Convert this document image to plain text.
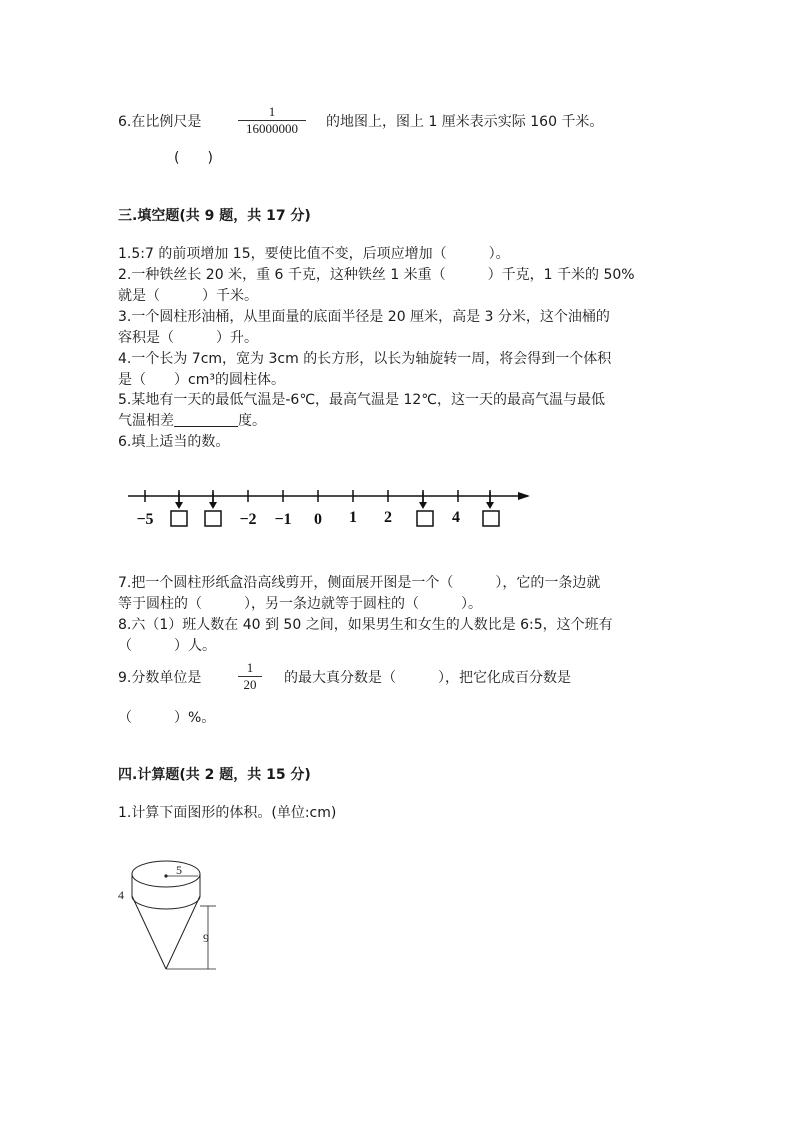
6.在比例尺是
1
16000000	的地图上，图上 1 厘米表示实际 160 千米。
(　　)
三.填空题(共 9 题，共 17 分)
1.5:7 的前项增加 15，要使比值不变，后项应增加（　　　）。
2.一种铁丝长 20 米，重 6 千克，这种铁丝 1 米重（　　　）千克，1 千米的 50%
就是（　　　）千米。
3.一个圆柱形油桶，从里面量的底面半径是 20 厘米，高是 3 分米，这个油桶的
容积是（　　　）升。
4.一个长为 7cm，宽为 3cm 的长方形，以长为轴旋转一周，将会得到一个体积
是（　　）cm³的圆柱体。
5.某地有一天的最低气温是-6℃，最高气温是 12℃，这一天的最高气温与最低
气温相差	度。
6.填上适当的数。
−5	−2 −1 0 1 2	4
7.把一个圆柱形纸盒沿高线剪开，侧面展开图是一个（　　　），它的一条边就
等于圆柱的（　　　），另一条边就等于圆柱的（　　　）。
8.六（1）班人数在 40 到 50 之间，如果男生和女生的人数比是 6:5，这个班有
（　　　）人。
9.分数单位是
1
20	的最大真分数是（　　　），把它化成百分数是
（　　　）%。
四.计算题(共 2 题，共 15 分)
1.计算下面图形的体积。(单位:cm)
5
4
9
